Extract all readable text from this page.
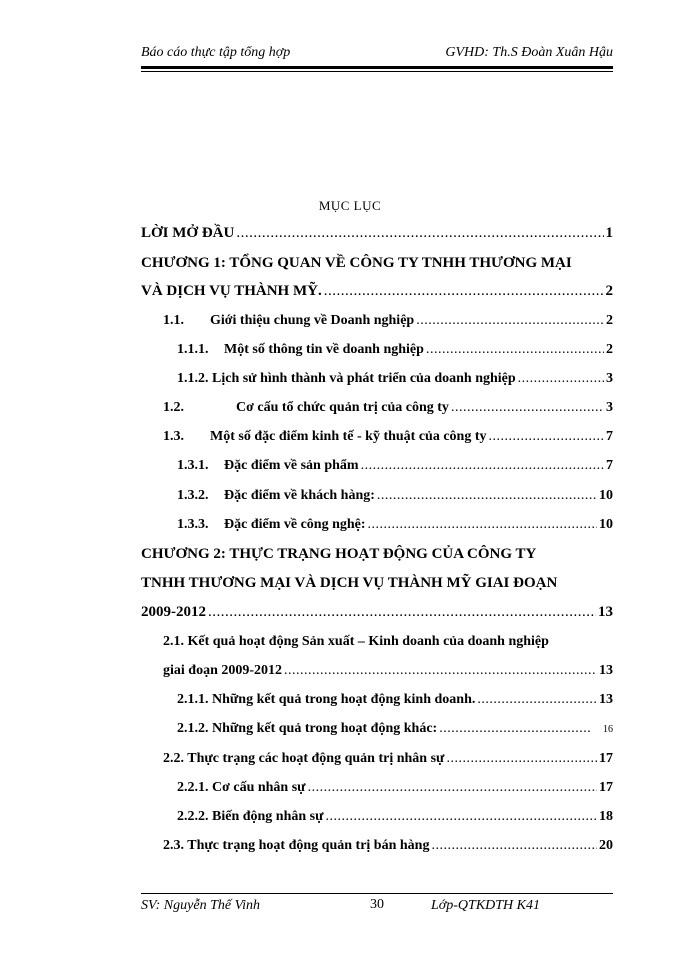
Báo cáo thực tập tổng hợp	GVHD: Th.S Đoàn Xuân Hậu
MỤC LỤC
LỜI MỞ ĐẦU .....	1
CHƯƠNG 1: TỔNG QUAN VỀ CÔNG TY TNHH THƯƠNG MẠI
VÀ DỊCH VỤ THÀNH MỸ. .....	2
1.1.	Giới thiệu chung về Doanh nghiệp .....	2
1.1.1.	Một số thông tin về doanh nghiệp .....	2
1.1.2. Lịch sử hình thành và phát triển của doanh nghiệp .....	3
1.2.	Cơ cấu tổ chức quản trị của công ty .....	3
1.3.	Một số đặc điểm kinh tế - kỹ thuật của công ty .....	7
1.3.1.	Đặc điểm về sản phẩm .....	7
1.3.2.	Đặc điểm về khách hàng: .....	10
1.3.3.	Đặc điểm về công nghệ: .....	10
CHƯƠNG 2: THỰC TRẠNG HOẠT ĐỘNG CỦA CÔNG TY
TNHH THƯƠNG MẠI VÀ DỊCH VỤ THÀNH MỸ GIAI ĐOẠN
2009-2012 .....	13
2.1. Kết quả hoạt động Sản xuất – Kinh doanh của doanh nghiệp
giai đoạn 2009-2012 .....	13
2.1.1. Những kết quả trong hoạt động kinh doanh. .....	13
2.1.2. Những kết quả trong hoạt động khác: .....	16
2.2. Thực trạng các hoạt động quản trị nhân sự .....	17
2.2.1. Cơ cấu nhân sự .....	17
2.2.2. Biến động nhân sự .....	18
2.3. Thực trạng hoạt động quản trị bán hàng .....	20
SV: Nguyễn Thế Vinh	30	Lớp-QTKDTH K41
